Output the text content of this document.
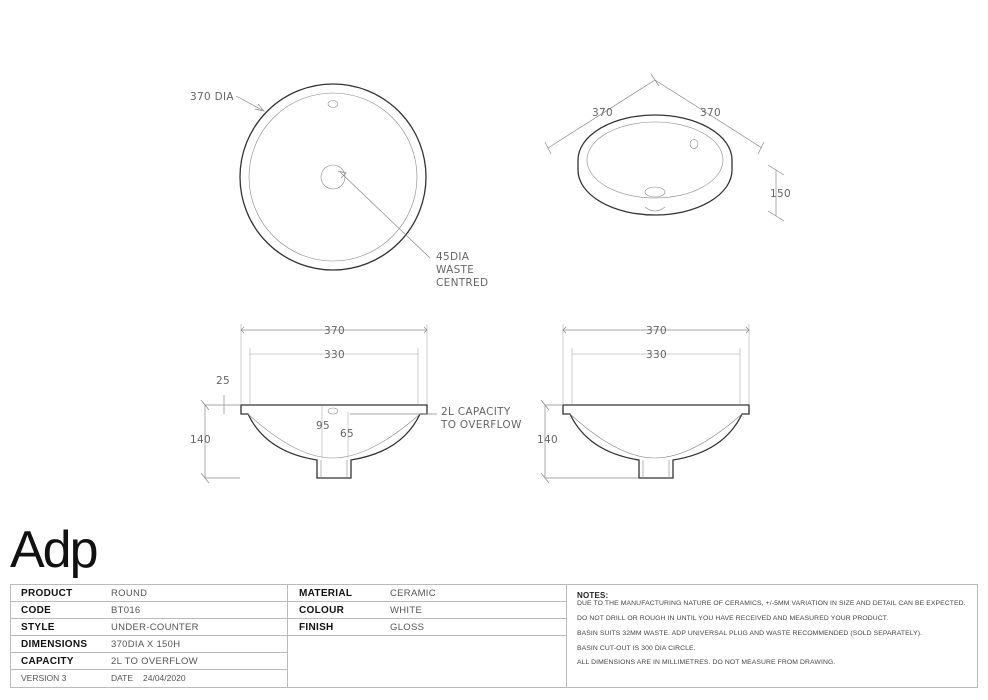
370 DIA
45DIA
WASTE
CENTRED
370	370
150
370
330
25
140
95
65
2L CAPACITY
TO OVERFLOW
370
330
140
Adp
PRODUCT	ROUND
CODE	BT016
STYLE	UNDER-COUNTER
DIMENSIONS 370DIA X 150H
CAPACITY	2L TO OVERFLOW
MATERIAL	CERAMIC
COLOUR	WHITE
FINISH	GLOSS
VERSION 3	DATE 24/04/2020
NOTES:
DUE TO THE MANUFACTURING NATURE OF CERAMICS, +/-5MM VARIATION IN SIZE AND DETAIL CAN BE EXPECTED.
DO NOT DRILL OR ROUGH IN UNTIL YOU HAVE RECEIVED AND MEASURED YOUR PRODUCT.
BASIN SUITS 32MM WASTE. ADP UNIVERSAL PLUG AND WASTE RECOMMENDED (SOLD SEPARATELY).
BASIN CUT-OUT IS 300 DIA CIRCLE.
ALL DIMENSIONS ARE IN MILLIMETRES. DO NOT MEASURE FROM DRAWING.
